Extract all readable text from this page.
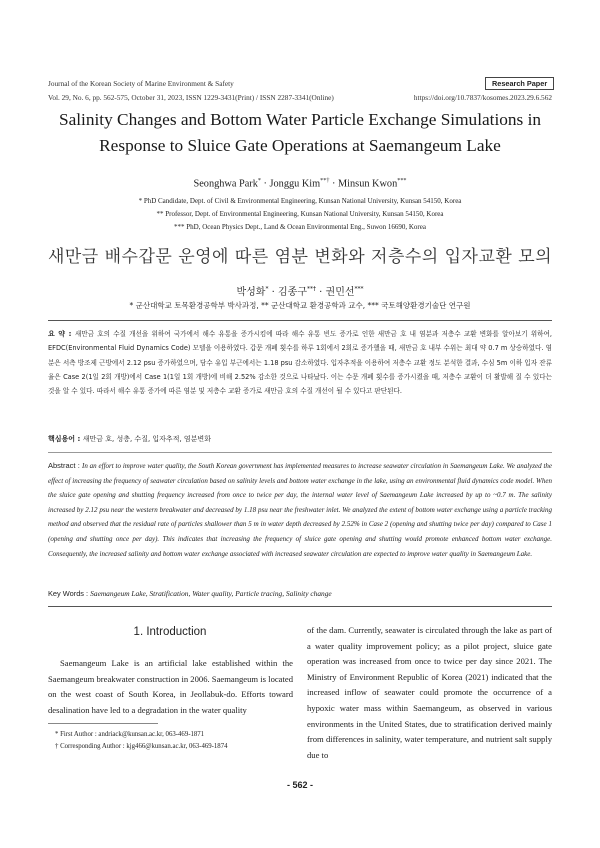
Journal of the Korean Society of Marine Environment & Safety	Research Paper
Vol. 29, No. 6, pp. 562-575, October 31, 2023, ISSN 1229-3431(Print) / ISSN 2287-3341(Online)	https://doi.org/10.7837/kosomes.2023.29.6.562
Salinity Changes and Bottom Water Particle Exchange Simulations in
Response to Sluice Gate Operations at Saemangeum Lake
Seonghwa Park* · Jonggu Kim**† · Minsun Kwon***
* PhD Candidate, Dept. of Civil & Environmental Engineering, Kunsan National University, Kunsan 54150, Korea
** Professor, Dept. of Environmental Engineering, Kunsan National University, Kunsan 54150, Korea
*** PhD, Ocean Physics Dept., Land & Ocean Environmental Eng., Suwon 16690, Korea
새만금 배수갑문 운영에 따른 염분 변화와 저층수의 입자교환 모의
박성화* · 김종구**† · 권민선***
* 군산대학교 토목환경공학부 박사과정, ** 군산대학교 환경공학과 교수, *** 국토해양환경기술단 연구원
요 약 : 새만금 호의 수질 개선을 위하여 국가에서 해수 유통을 증가시킴에 따라 해수 유통 빈도 증가로 인한 새만금 호 내 염분과 저층수 교환 변화를 알아보기 위하여, EFDC(Environmental Fluid Dynamics Code) 모델을 이용하였다. 갑문 개폐 횟수를 하루 1회에서 2회로 증가했을 때, 새만금 호 내부 수위는 최대 약 0.7 m 상승하였다. 염분은 서측 방조제 근방에서 2.12 psu 증가하였으며, 담수 유입 부근에서는 1.18 psu 감소하였다. 입자추적을 이용하여 저층수 교환 정도 분석한 결과, 수심 5m 이하 입자 잔류율은 Case 2(1일 2회 개방)에서 Case 1(1일 1회 개방)에 비해 2.52% 감소한 것으로 나타났다. 이는 수문 개폐 횟수를 증가시켰을 때, 저층수 교환이 더 활발해 질 수 있다는 것을 알 수 있다. 따라서 해수 유통 증가에 따른 염분 및 저층수 교환 증가로 새만금 호의 수질 개선이 될 수 있다고 판단된다.
핵심용어 : 새만금 호, 성층, 수질, 입자추적, 염분변화
Abstract : In an effort to improve water quality, the South Korean government has implemented measures to increase seawater circulation in Saemangeum Lake. We analyzed the effect of increasing the frequency of seawater circulation based on salinity levels and bottom water exchange in the lake, using an environmental fluid dynamics code model. When the sluice gate opening and shutting frequency increased from once to twice per day, the internal water level of Saemangeum Lake increased by up to ~0.7 m. The salinity increased by 2.12 psu near the western breakwater and decreased by 1.18 psu near the freshwater inlet. We analyzed the extent of bottom water exchange using a particle tracking method and observed that the residual rate of particles shallower than 5 m in water depth decreased by 2.52% in Case 2 (opening and shutting twice per day) compared to Case 1 (opening and shutting once per day). This indicates that increasing the frequency of sluice gate opening and shutting would promote enhanced bottom water exchange. Consequently, the increased salinity and bottom water exchange associated with increased seawater circulation are expected to improve water quality in Saemangeum Lake.
Key Words : Saemangeum Lake, Stratification, Water quality, Particle tracing, Salinity change
1. Introduction
Saemangeum Lake is an artificial lake established within the Saemangeum breakwater construction in 2006. Saemangeum is located on the west coast of South Korea, in Jeollabuk-do. Efforts toward desalination have led to a degradation in the water quality
* First Author : andriack@kunsan.ac.kr, 063-469-1871
† Corresponding Author : kjg466@kunsan.ac.kr, 063-469-1874
of the dam. Currently, seawater is circulated through the lake as part of a water quality improvement policy; as a pilot project, sluice gate operation was increased from once to twice per day since 2021. The Ministry of Environment Republic of Korea (2021) indicated that the increased inflow of seawater could promote the occurrence of a hypoxic water mass within Saemangeum, as observed in various environments in the United States, due to stratification derived mainly from differences in salinity, water temperature, and nutrient salt supply due to
- 562 -
